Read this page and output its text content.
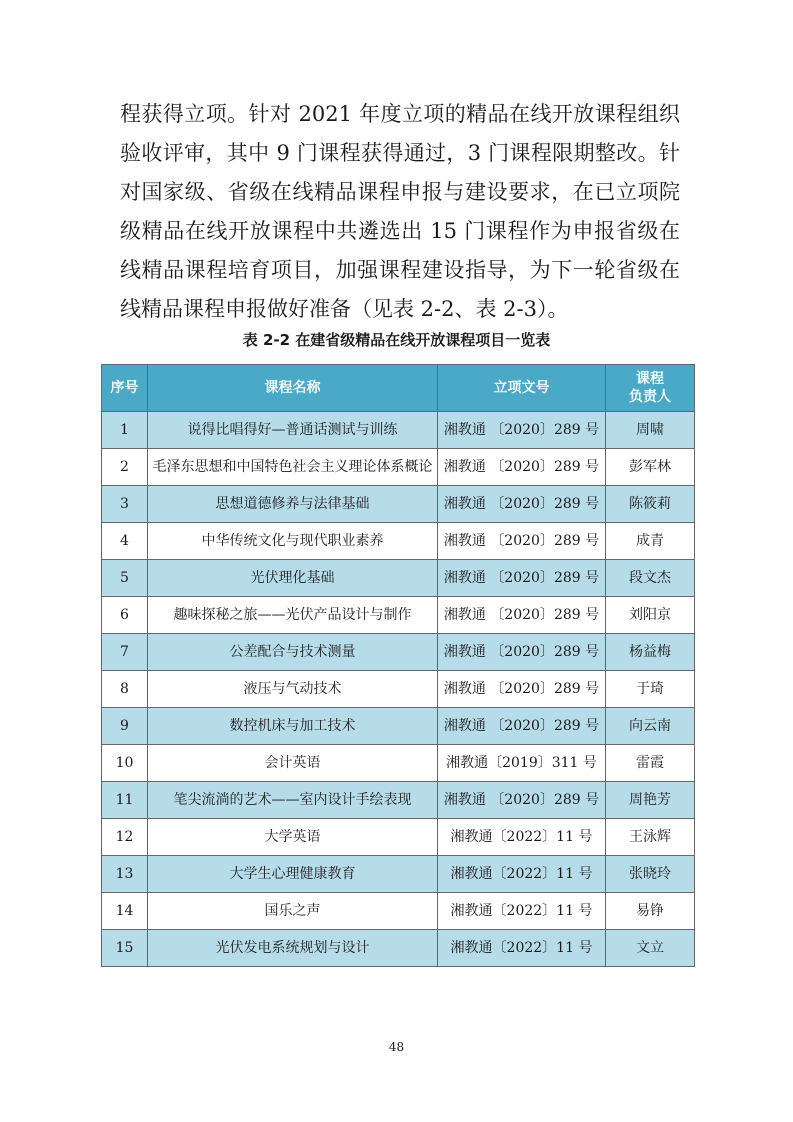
程获得立项。针对 2021 年度立项的精品在线开放课程组织验收评审，其中 9 门课程获得通过，3 门课程限期整改。针对国家级、省级在线精品课程申报与建设要求，在已立项院级精品在线开放课程中共遴选出 15 门课程作为申报省级在线精品课程培育项目，加强课程建设指导，为下一轮省级在线精品课程申报做好准备（见表 2-2、表 2-3）。

表 2-2 在建省级精品在线开放课程项目一览表
序号	课程名称	立项文号	课程
负责人
1	说得比唱得好—普通话测试与训练	湘教通 〔2020〕289 号	周啸
2	毛泽东思想和中国特色社会主义理论体系概论	湘教通 〔2020〕289 号	彭军林
3	思想道德修养与法律基础	湘教通 〔2020〕289 号	陈筱莉
4	中华传统文化与现代职业素养	湘教通 〔2020〕289 号	成青
5	光伏理化基础	湘教通 〔2020〕289 号	段文杰
6	趣味探秘之旅——光伏产品设计与制作	湘教通 〔2020〕289 号	刘阳京
7	公差配合与技术测量	湘教通 〔2020〕289 号	杨益梅
8	液压与气动技术	湘教通 〔2020〕289 号	于琦
9	数控机床与加工技术	湘教通 〔2020〕289 号	向云南
10	会计英语	湘教通〔2019〕311 号	雷霞
11	笔尖流淌的艺术——室内设计手绘表现	湘教通 〔2020〕289 号	周艳芳
12	大学英语	湘教通〔2022〕11 号	王泳辉
13	大学生心理健康教育	湘教通〔2022〕11 号	张晓玲
14	国乐之声	湘教通〔2022〕11 号	易铮
15	光伏发电系统规划与设计	湘教通〔2022〕11 号	文立
48
